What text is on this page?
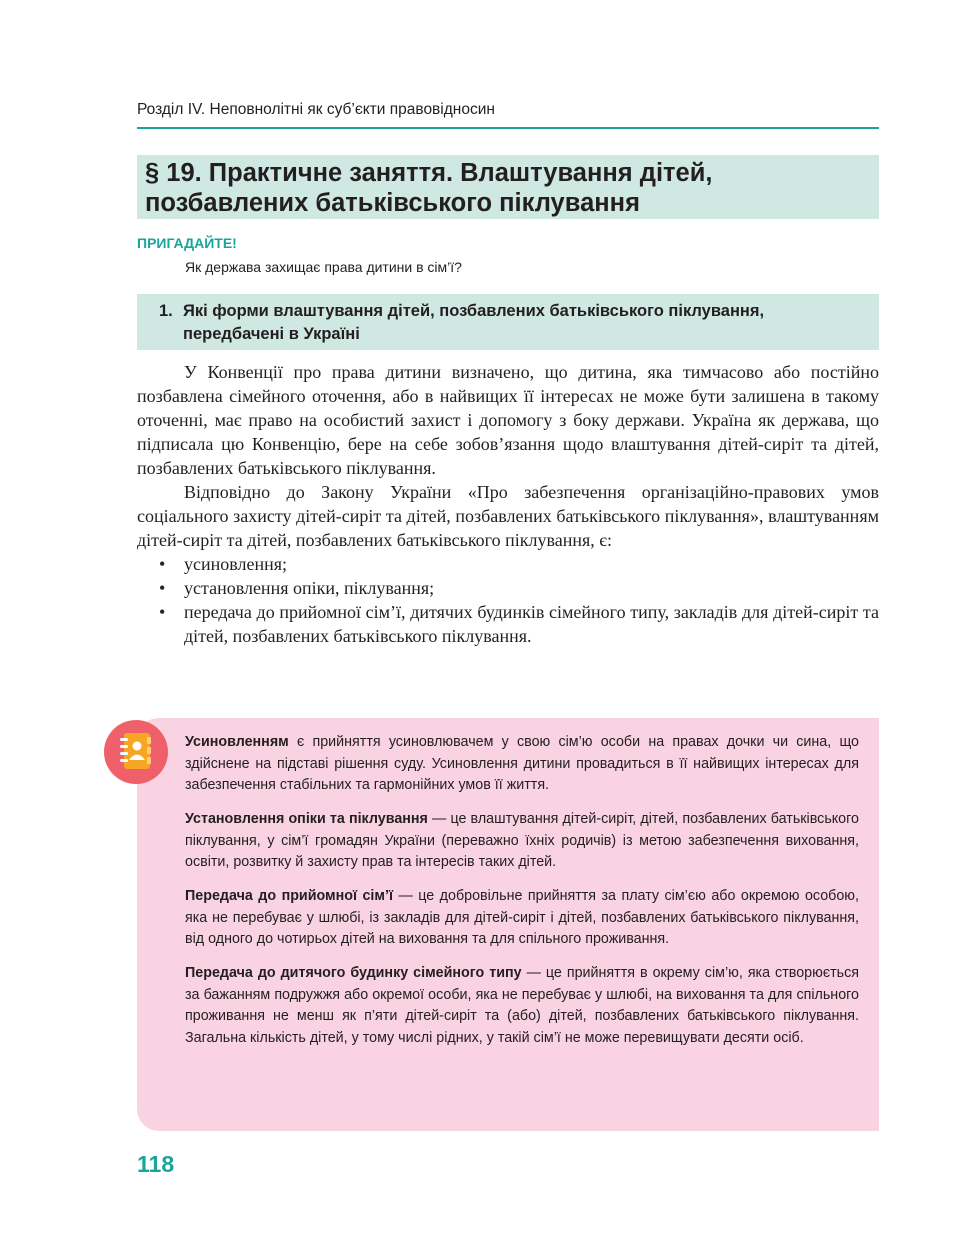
Розділ IV. Неповнолітні як суб’єкти правовідносин
§ 19. Практичне заняття. Влаштування дітей,
позбавлених батьківського піклування
ПРИГАДАЙТЕ!
Як держава захищає права дитини в сім’ї?
1. Які форми влаштування дітей, позбавлених батьківського піклування,
передбачені в Україні

У Конвенції про права дитини визначено, що дитина, яка тимчасово або постійно позбавлена сімейного оточення, або в найвищих її інтересах не може бути залишена в такому оточенні, має право на особистий захист і допомогу з боку держави. Україна як держава, що підписала цю Конвенцію, бере на себе зобов’язання щодо влаштування дітей-сиріт та дітей, позбавлених батьківського піклування.

Відповідно до Закону України «Про забезпечення організаційно-правових умов соціального захисту дітей-сиріт та дітей, позбавлених батьківського піклування», влаштуванням дітей-сиріт та дітей, позбавлених батьківського піклування, є:

• усиновлення;
• установлення опіки, піклування;
• передача до прийомної сім’ї, дитячих будинків сімейного типу, закладів для дітей-сиріт та дітей, позбавлених батьківського піклування.

Усиновленням є прийняття усиновлювачем у свою сім’ю особи на правах дочки чи сина, що здійснене на підставі рішення суду. Усиновлення дитини провадиться в її найвищих інтересах для забезпечення стабільних та гармонійних умов її життя.

Установлення опіки та піклування — це влаштування дітей-сиріт, дітей, позбавлених батьківського піклування, у сім’ї громадян України (переважно їхніх родичів) із метою забезпечення виховання, освіти, розвитку й захисту прав та інтересів таких дітей.

Передача до прийомної сім’ї — це добровільне прийняття за плату сім’єю або окремою особою, яка не перебуває у шлюбі, із закладів для дітей-сиріт і дітей, позбавлених батьківського піклування, від одного до чотирьох дітей на виховання та для спільного проживання.

Передача до дитячого будинку сімейного типу — це прийняття в окрему сім’ю, яка створюється за бажанням подружжя або окремої особи, яка не перебуває у шлюбі, на виховання та для спільного проживання не менш як п’яти дітей-сиріт та (або) дітей, позбавлених батьківського піклування. Загальна кількість дітей, у тому числі рідних, у такій сім’ї не може перевищувати десяти осіб.

118
